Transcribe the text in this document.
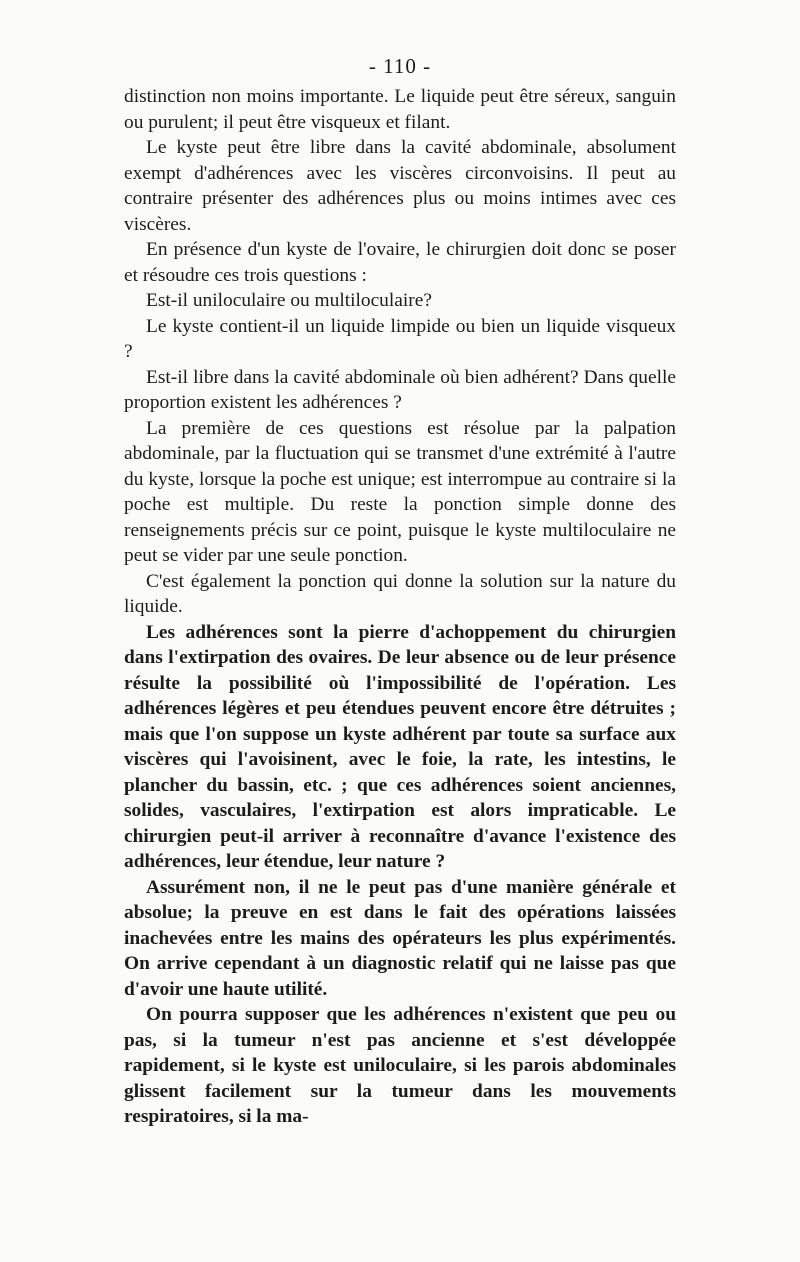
- 110 -

distinction non moins importante. Le liquide peut être séreux, sanguin ou purulent; il peut être visqueux et filant.

Le kyste peut être libre dans la cavité abdominale, absolument exempt d'adhérences avec les viscères circonvoisins. Il peut au contraire présenter des adhérences plus ou moins intimes avec ces viscères.

En présence d'un kyste de l'ovaire, le chirurgien doit donc se poser et résoudre ces trois questions :

Est-il uniloculaire ou multiloculaire?

Le kyste contient-il un liquide limpide ou bien un liquide visqueux ?

Est-il libre dans la cavité abdominale où bien adhérent? Dans quelle proportion existent les adhérences ?

La première de ces questions est résolue par la palpation abdominale, par la fluctuation qui se transmet d'une extrémité à l'autre du kyste, lorsque la poche est unique; est interrompue au contraire si la poche est multiple. Du reste la ponction simple donne des renseignements précis sur ce point, puisque le kyste multiloculaire ne peut se vider par une seule ponction.

C'est également la ponction qui donne la solution sur la nature du liquide.

Les adhérences sont la pierre d'achoppement du chirurgien dans l'extirpation des ovaires. De leur absence ou de leur présence résulte la possibilité où l'impossibilité de l'opération. Les adhérences légères et peu étendues peuvent encore être détruites ; mais que l'on suppose un kyste adhérent par toute sa surface aux viscères qui l'avoisinent, avec le foie, la rate, les intestins, le plancher du bassin, etc. ; que ces adhérences soient anciennes, solides, vasculaires, l'extirpation est alors impraticable. Le chirurgien peut-il arriver à reconnaître d'avance l'existence des adhérences, leur étendue, leur nature ?

Assurément non, il ne le peut pas d'une manière générale et absolue; la preuve en est dans le fait des opérations laissées inachevées entre les mains des opérateurs les plus expérimentés. On arrive cependant à un diagnostic relatif qui ne laisse pas que d'avoir une haute utilité.

On pourra supposer que les adhérences n'existent que peu ou pas, si la tumeur n'est pas ancienne et s'est développée rapidement, si le kyste est uniloculaire, si les parois abdominales glissent facilement sur la tumeur dans les mouvements respiratoires, si la ma-
